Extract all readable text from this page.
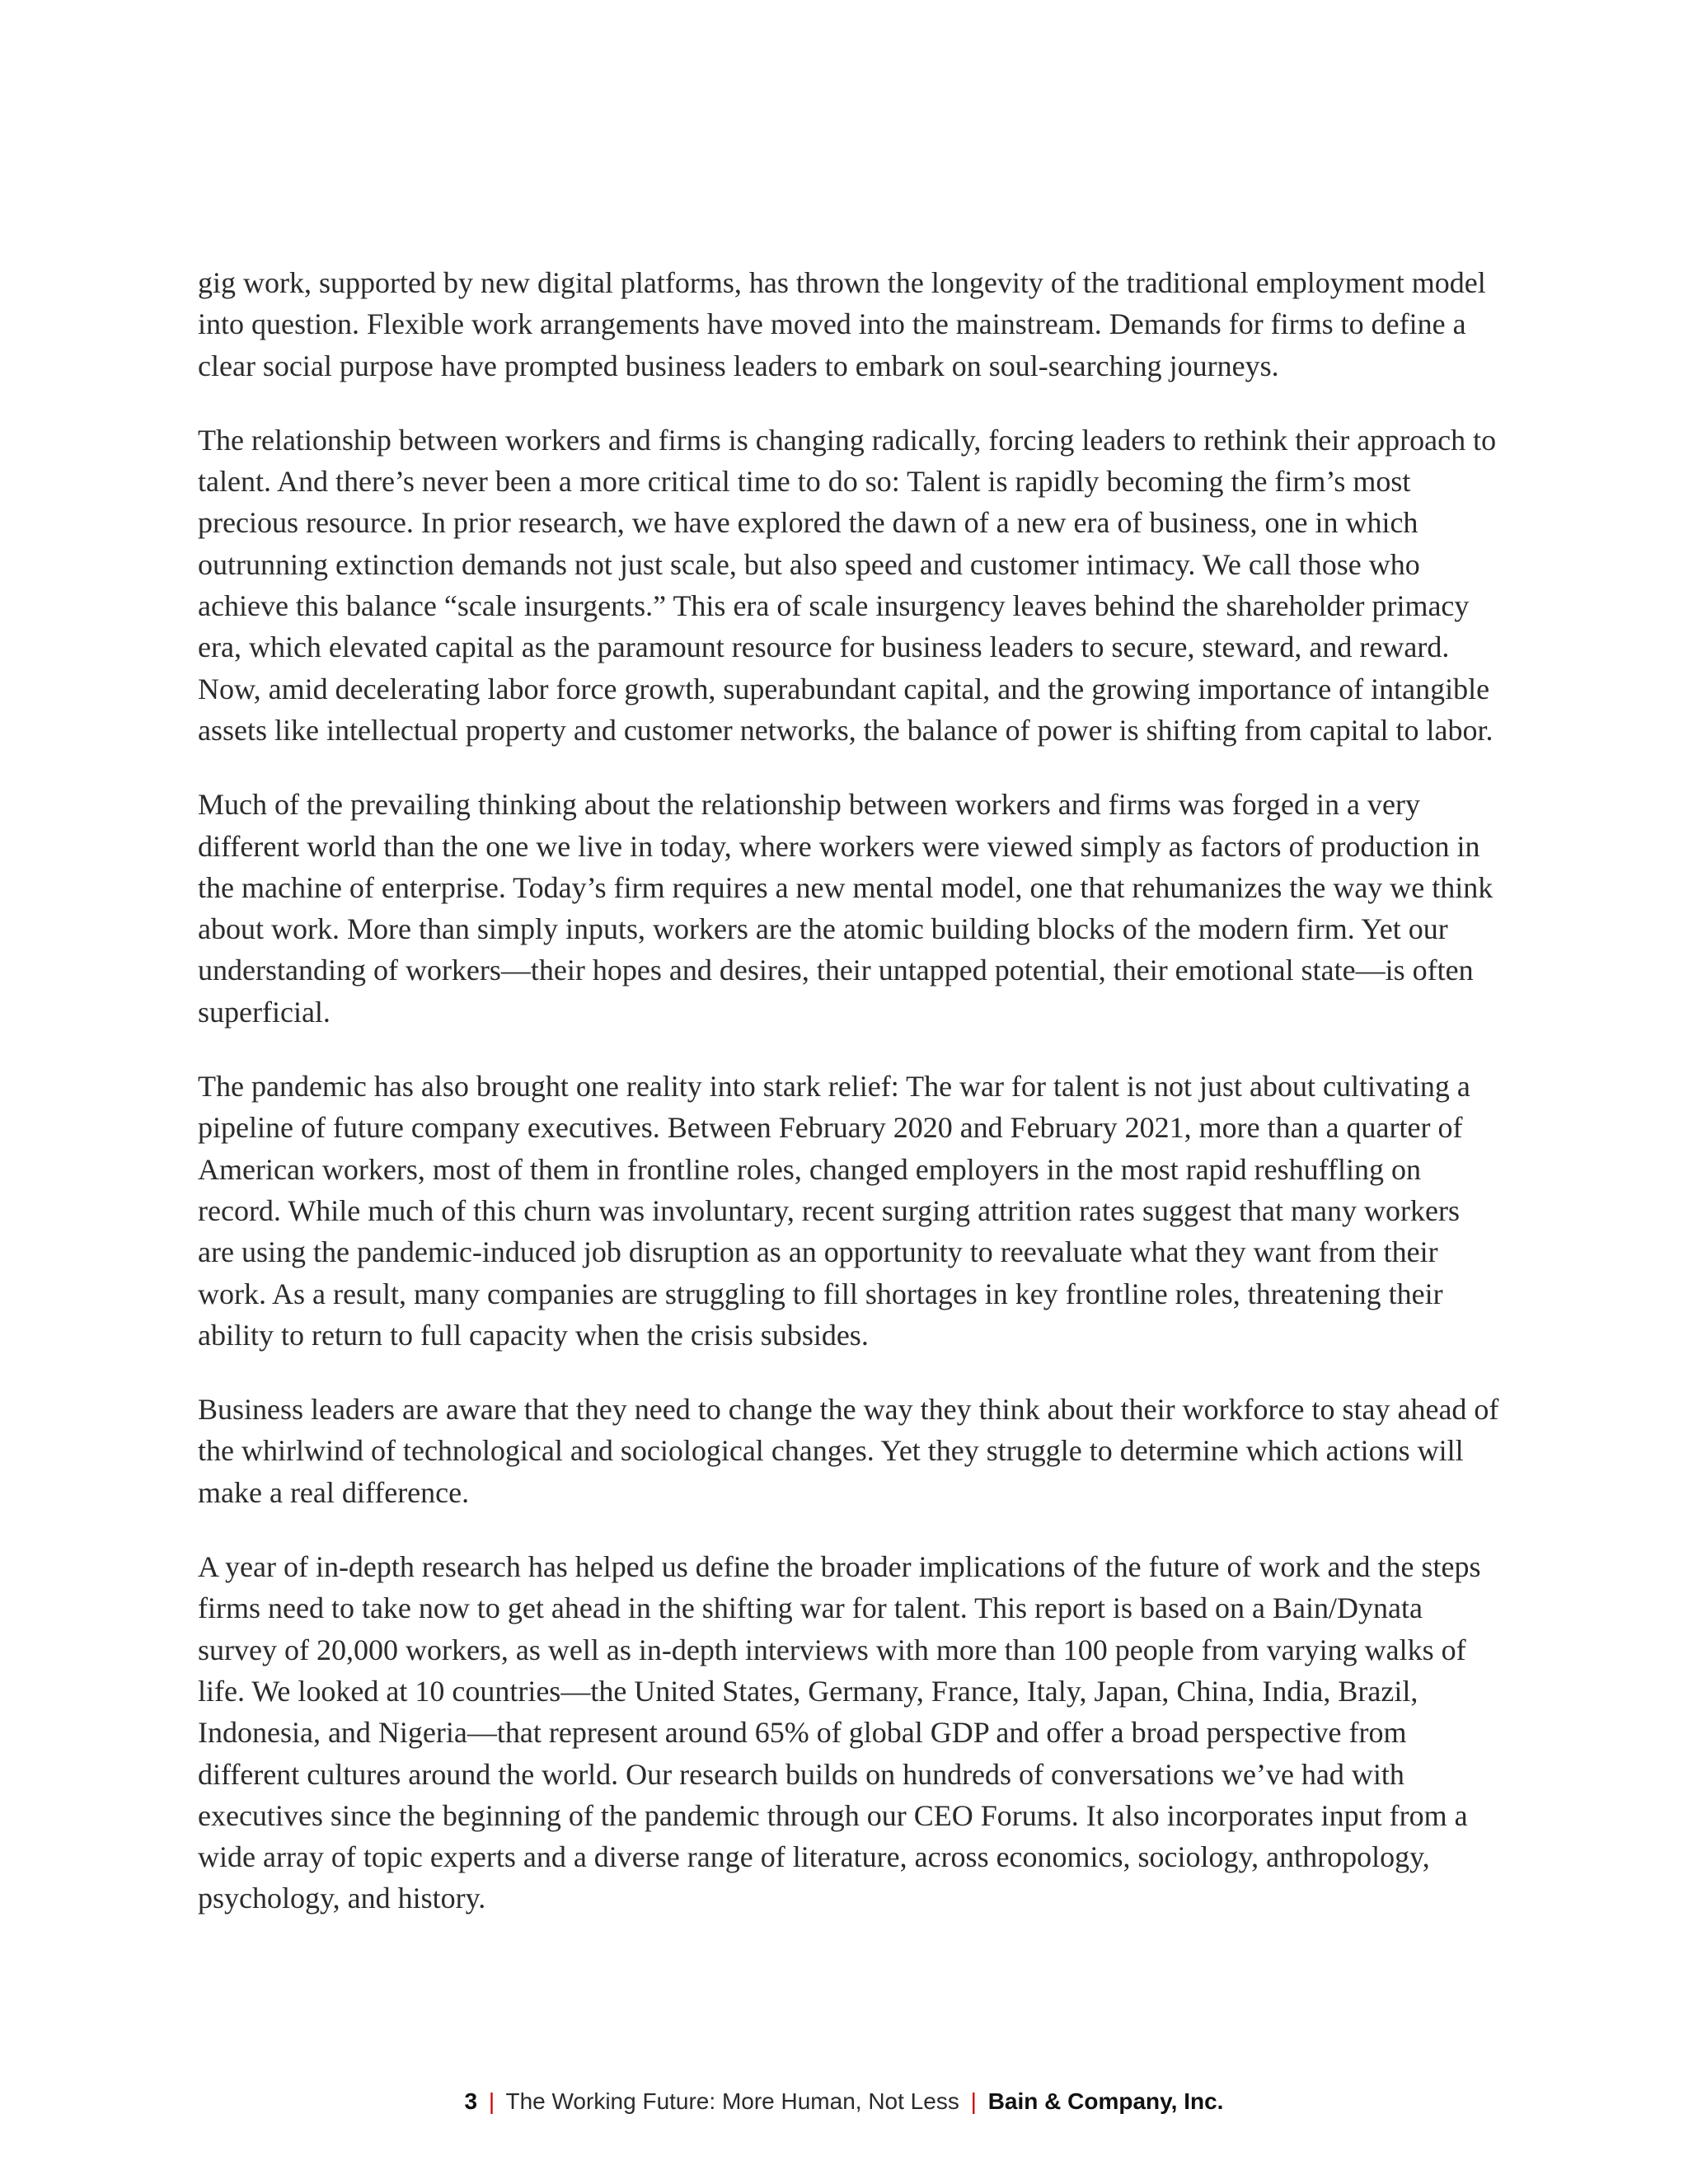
gig work, supported by new digital platforms, has thrown the longevity of the traditional employment model into question. Flexible work arrangements have moved into the mainstream. Demands for firms to define a clear social purpose have prompted business leaders to embark on soul-searching journeys.

The relationship between workers and firms is changing radically, forcing leaders to rethink their approach to talent. And there’s never been a more critical time to do so: Talent is rapidly becoming the firm’s most precious resource. In prior research, we have explored the dawn of a new era of business, one in which outrunning extinction demands not just scale, but also speed and customer intimacy. We call those who achieve this balance “scale insurgents.” This era of scale insurgency leaves behind the shareholder primacy era, which elevated capital as the paramount resource for business leaders to secure, steward, and reward. Now, amid decelerating labor force growth, superabundant capital, and the growing importance of intangible assets like intellectual property and customer networks, the balance of power is shifting from capital to labor.

Much of the prevailing thinking about the relationship between workers and firms was forged in a very different world than the one we live in today, where workers were viewed simply as factors of production in the machine of enterprise. Today’s firm requires a new mental model, one that rehumanizes the way we think about work. More than simply inputs, workers are the atomic building blocks of the modern firm. Yet our understanding of workers—their hopes and desires, their untapped potential, their emotional state—is often superficial.

The pandemic has also brought one reality into stark relief: The war for talent is not just about cultivating a pipeline of future company executives. Between February 2020 and February 2021, more than a quarter of American workers, most of them in frontline roles, changed employers in the most rapid reshuffling on record. While much of this churn was involuntary, recent surging attrition rates suggest that many workers are using the pandemic-induced job disruption as an opportunity to reevaluate what they want from their work. As a result, many companies are struggling to fill shortages in key frontline roles, threatening their ability to return to full capacity when the crisis subsides.

Business leaders are aware that they need to change the way they think about their workforce to stay ahead of the whirlwind of technological and sociological changes. Yet they struggle to determine which actions will make a real difference.

A year of in-depth research has helped us define the broader implications of the future of work and the steps firms need to take now to get ahead in the shifting war for talent. This report is based on a Bain/Dynata survey of 20,000 workers, as well as in-depth interviews with more than 100 people from varying walks of life. We looked at 10 countries—the United States, Germany, France, Italy, Japan, China, India, Brazil, Indonesia, and Nigeria—that represent around 65% of global GDP and offer a broad perspective from different cultures around the world. Our research builds on hundreds of conversations we’ve had with executives since the beginning of the pandemic through our CEO Forums. It also incorporates input from a wide array of topic experts and a diverse range of literature, across economics, sociology, anthropology, psychology, and history.

3 | The Working Future: More Human, Not Less | Bain & Company, Inc.
